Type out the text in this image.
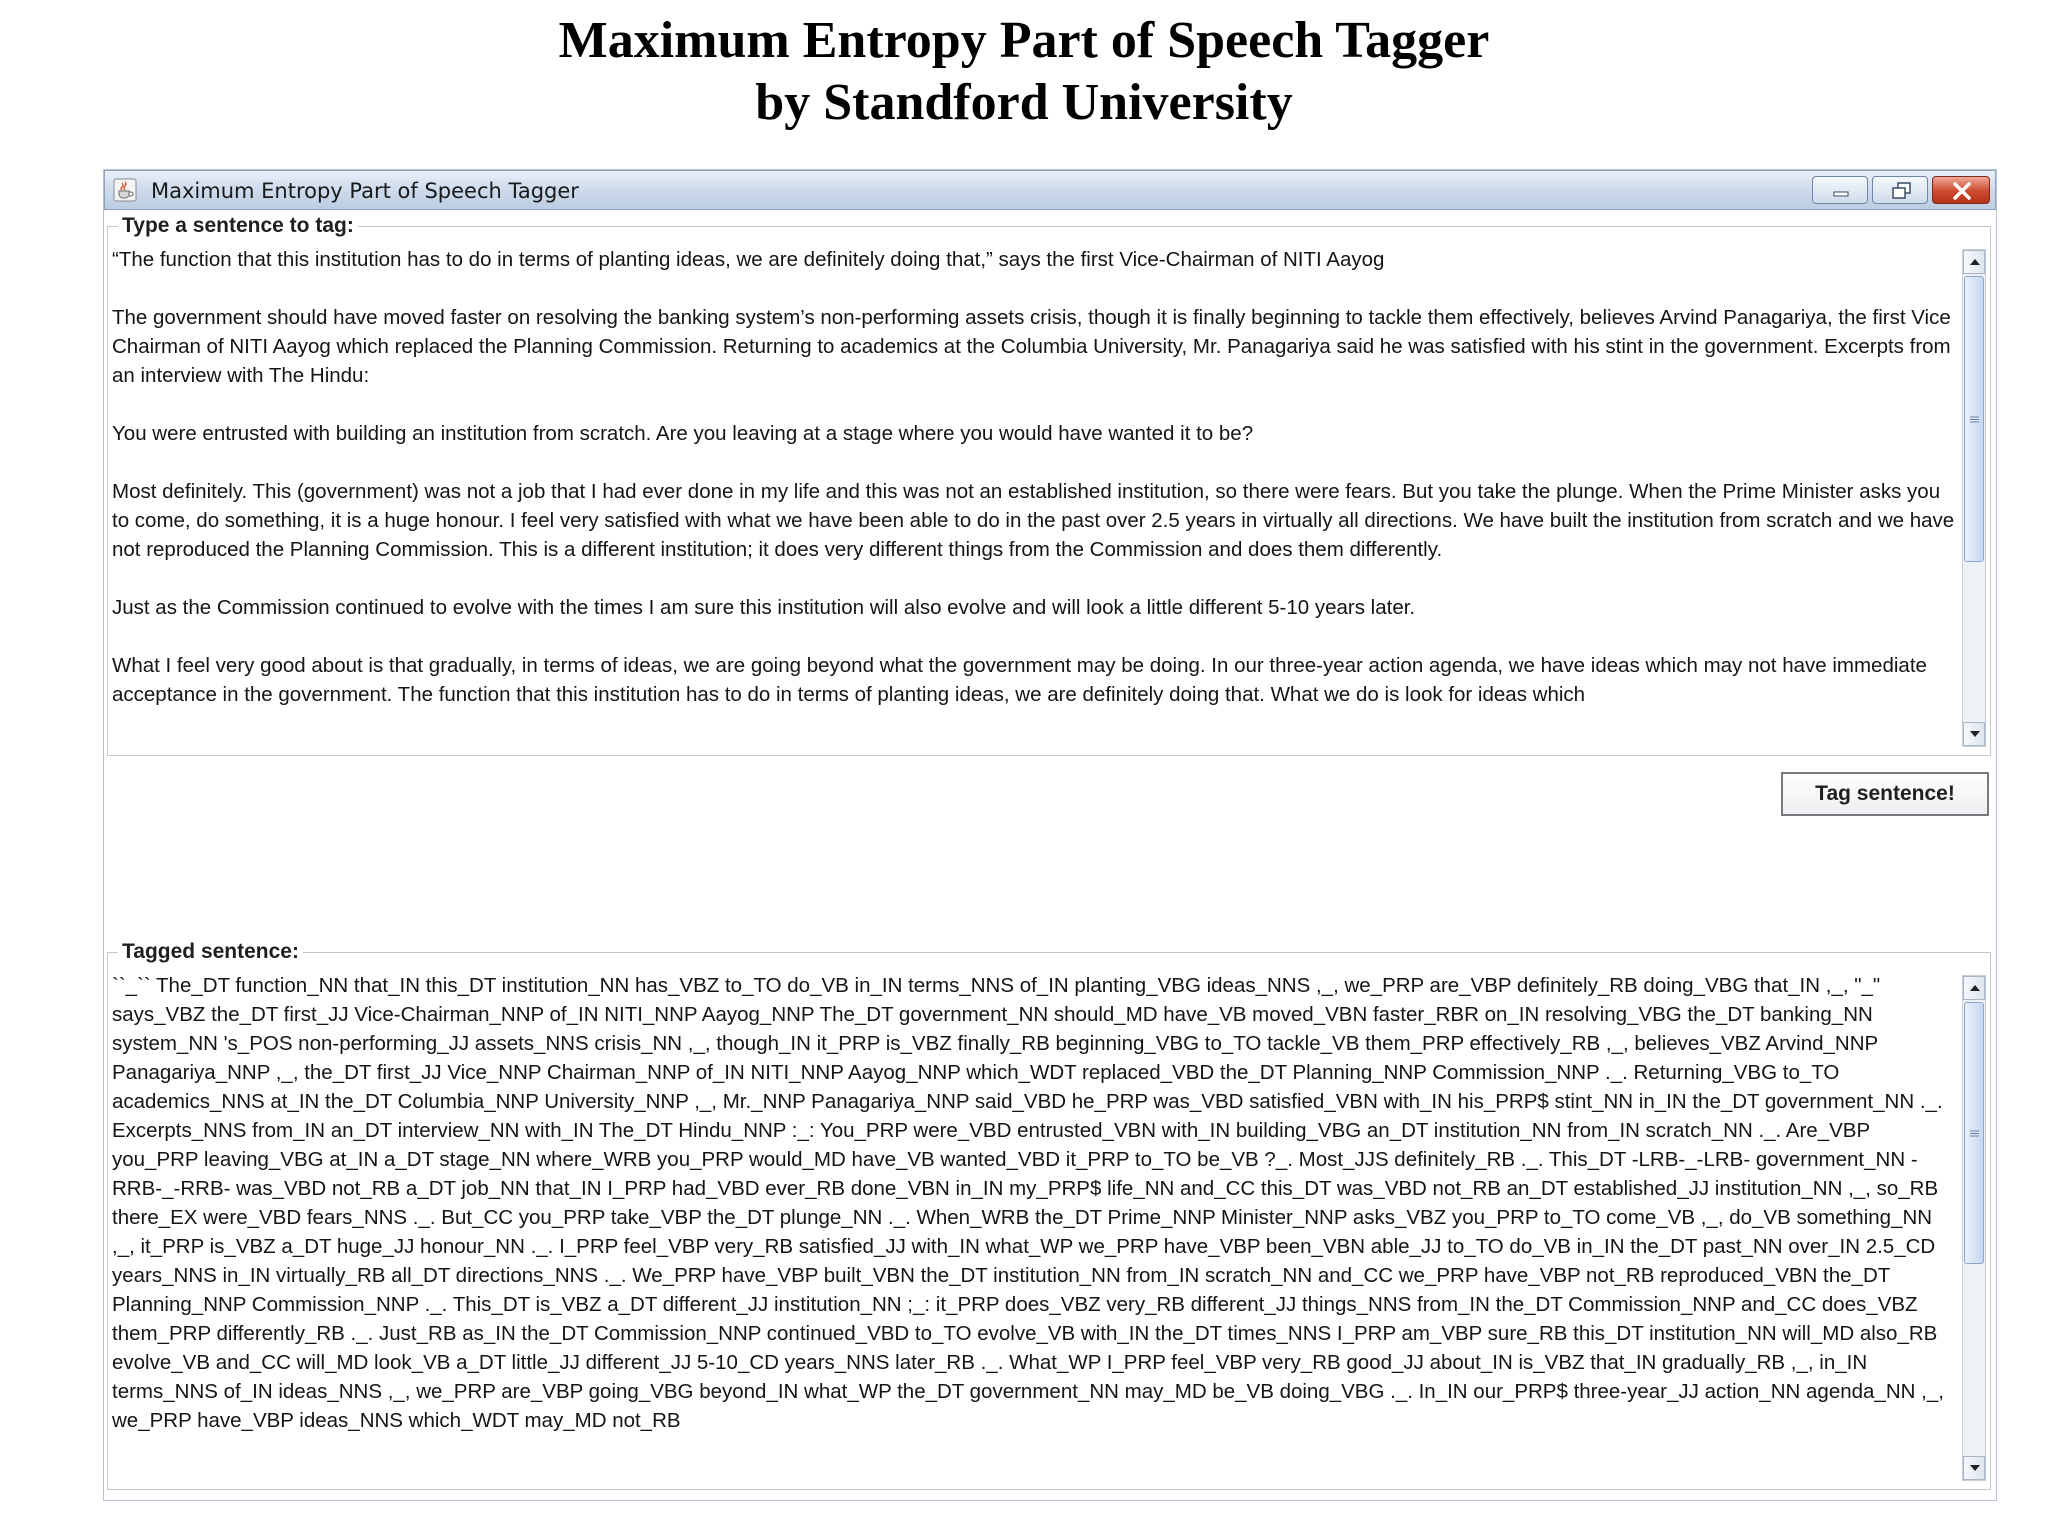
Maximum Entropy Part of Speech Tagger
by Standford University
Maximum Entropy Part of Speech Tagger
Type a sentence to tag:

“The function that this institution has to do in terms of planting ideas, we are definitely doing that,” says the first Vice-Chairman of NITI Aayog

The government should have moved faster on resolving the banking system’s non-performing assets crisis, though it is finally beginning to tackle them effectively, believes Arvind Panagariya, the first Vice Chairman of NITI Aayog which replaced the Planning Commission. Returning to academics at the Columbia University, Mr. Panagariya said he was satisfied with his stint in the government. Excerpts from an interview with The Hindu:

You were entrusted with building an institution from scratch. Are you leaving at a stage where you would have wanted it to be?

Most definitely. This (government) was not a job that I had ever done in my life and this was not an established institution, so there were fears. But you take the plunge. When the Prime Minister asks you to come, do something, it is a huge honour. I feel very satisfied with what we have been able to do in the past over 2.5 years in virtually all directions. We have built the institution from scratch and we have not reproduced the Planning Commission. This is a different institution; it does very different things from the Commission and does them differently.

Just as the Commission continued to evolve with the times I am sure this institution will also evolve and will look a little different 5-10 years later.

What I feel very good about is that gradually, in terms of ideas, we are going beyond what the government may be doing. In our three-year action agenda, we have ideas which may not have immediate acceptance in the government. The function that this institution has to do in terms of planting ideas, we are definitely doing that. What we do is look for ideas which

Tag sentence!
Tagged sentence:

``_`` The_DT function_NN that_IN this_DT institution_NN has_VBZ to_TO do_VB in_IN terms_NNS of_IN planting_VBG ideas_NNS ,_, we_PRP are_VBP definitely_RB doing_VBG that_IN ,_, "_" says_VBZ the_DT first_JJ Vice-Chairman_NNP of_IN NITI_NNP Aayog_NNP The_DT government_NN should_MD have_VB moved_VBN faster_RBR on_IN resolving_VBG the_DT banking_NN system_NN 's_POS non-performing_JJ assets_NNS crisis_NN ,_, though_IN it_PRP is_VBZ finally_RB beginning_VBG to_TO tackle_VB them_PRP effectively_RB ,_, believes_VBZ Arvind_NNP Panagariya_NNP ,_, the_DT first_JJ Vice_NNP Chairman_NNP of_IN NITI_NNP Aayog_NNP which_WDT replaced_VBD the_DT Planning_NNP Commission_NNP ._. Returning_VBG to_TO academics_NNS at_IN the_DT Columbia_NNP University_NNP ,_, Mr._NNP Panagariya_NNP said_VBD he_PRP was_VBD satisfied_VBN with_IN his_PRP$ stint_NN in_IN the_DT government_NN ._. Excerpts_NNS from_IN an_DT interview_NN with_IN The_DT Hindu_NNP :_: You_PRP were_VBD entrusted_VBN with_IN building_VBG an_DT institution_NN from_IN scratch_NN ._. Are_VBP you_PRP leaving_VBG at_IN a_DT stage_NN where_WRB you_PRP would_MD have_VB wanted_VBD it_PRP to_TO be_VB ?_. Most_JJS definitely_RB ._. This_DT -LRB-_-LRB- government_NN -RRB-_-RRB- was_VBD not_RB a_DT job_NN that_IN I_PRP had_VBD ever_RB done_VBN in_IN my_PRP$ life_NN and_CC this_DT was_VBD not_RB an_DT established_JJ institution_NN ,_, so_RB there_EX were_VBD fears_NNS ._. But_CC you_PRP take_VBP the_DT plunge_NN ._. When_WRB the_DT Prime_NNP Minister_NNP asks_VBZ you_PRP to_TO come_VB ,_, do_VB something_NN ,_, it_PRP is_VBZ a_DT huge_JJ honour_NN ._. I_PRP feel_VBP very_RB satisfied_JJ with_IN what_WP we_PRP have_VBP been_VBN able_JJ to_TO do_VB in_IN the_DT past_NN over_IN 2.5_CD years_NNS in_IN virtually_RB all_DT directions_NNS ._. We_PRP have_VBP built_VBN the_DT institution_NN from_IN scratch_NN and_CC we_PRP have_VBP not_RB reproduced_VBN the_DT Planning_NNP Commission_NNP ._. This_DT is_VBZ a_DT different_JJ institution_NN ;_: it_PRP does_VBZ very_RB different_JJ things_NNS from_IN the_DT Commission_NNP and_CC does_VBZ them_PRP differently_RB ._. Just_RB as_IN the_DT Commission_NNP continued_VBD to_TO evolve_VB with_IN the_DT times_NNS I_PRP am_VBP sure_RB this_DT institution_NN will_MD also_RB evolve_VB and_CC will_MD look_VB a_DT little_JJ different_JJ 5-10_CD years_NNS later_RB ._. What_WP I_PRP feel_VBP very_RB good_JJ about_IN is_VBZ that_IN gradually_RB ,_, in_IN terms_NNS of_IN ideas_NNS ,_, we_PRP are_VBP going_VBG beyond_IN what_WP the_DT government_NN may_MD be_VB doing_VBG ._. In_IN our_PRP$ three-year_JJ action_NN agenda_NN ,_, we_PRP have_VBP ideas_NNS which_WDT may_MD not_RB
